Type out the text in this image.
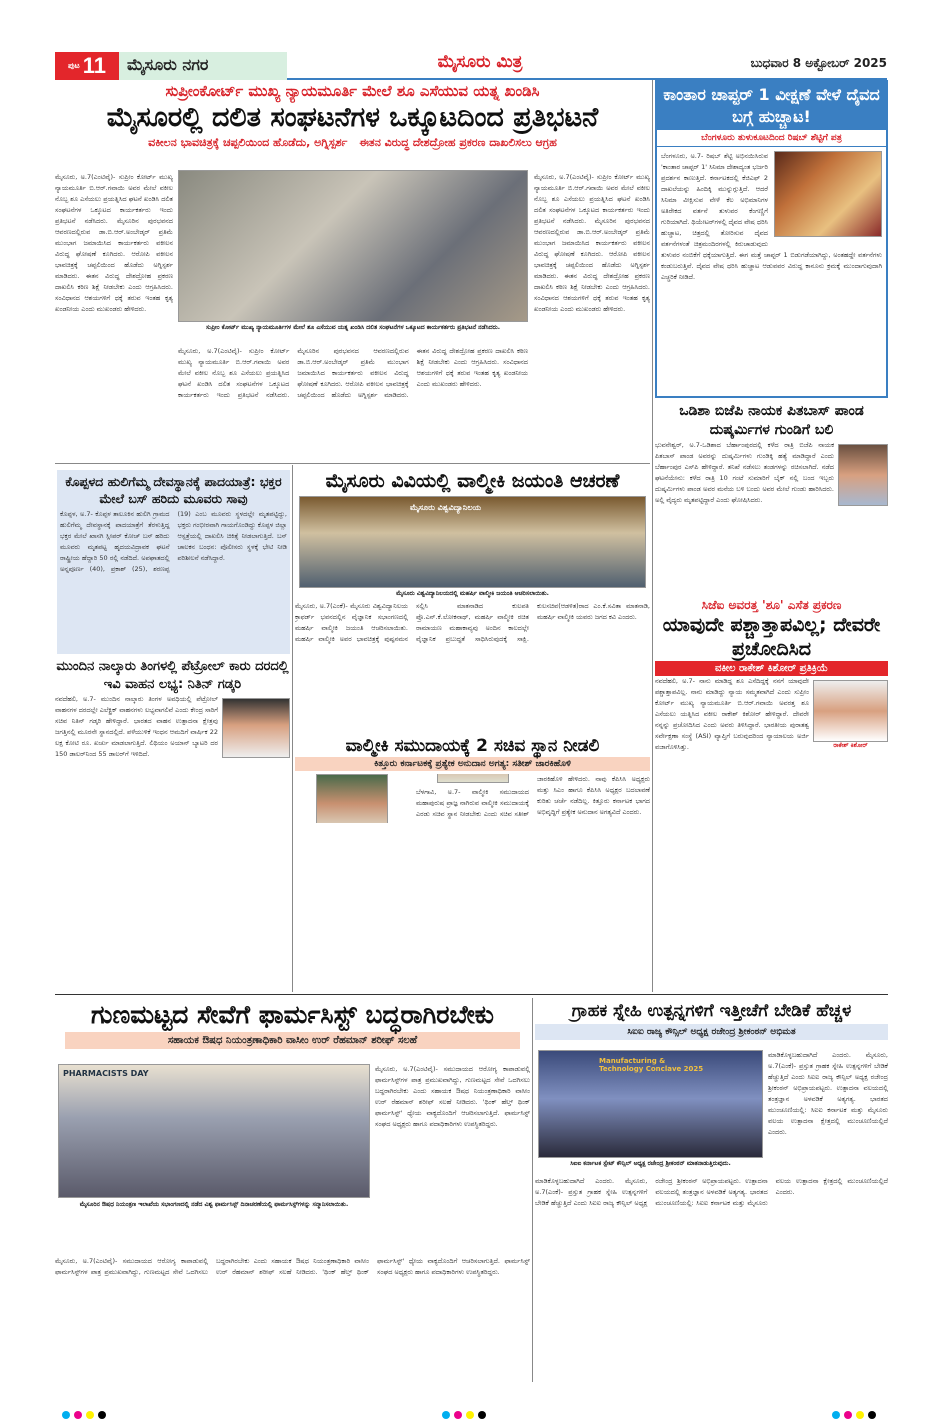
ಪುಟ 11	ಮೈಸೂರು ನಗರ	ಮೈಸೂರು ಮಿತ್ರ	ಬುಧವಾರ 8 ಅಕ್ಟೋಬರ್ 2025
ಸುಪ್ರೀಂಕೋರ್ಟ್ ಮುಖ್ಯ ನ್ಯಾಯಮೂರ್ತಿ ಮೇಲೆ ಶೂ ಎಸೆಯುವ ಯತ್ನ ಖಂಡಿಸಿ
ಮೈಸೂರಲ್ಲಿ ದಲಿತ ಸಂಘಟನೆಗಳ ಒಕ್ಕೂಟದಿಂದ ಪ್ರತಿಭಟನೆ
ವಕೀಲನ ಭಾವಚಿತ್ರಕ್ಕೆ ಚಪ್ಪಲಿಯಿಂದ ಹೊಡೆದು, ಅಗ್ನಿಸ್ಪರ್ಶ ಈತನ ವಿರುದ್ಧ ದೇಶದ್ರೋಹ ಪ್ರಕರಣ ದಾಖಲಿಸಲು ಆಗ್ರಹ
ಮೈಸೂರು, ಅ.7(ಎಂಟಿವೈ)- ಸುಪ್ರೀಂ ಕೋರ್ಟ್ ಮುಖ್ಯ ನ್ಯಾಯಮೂರ್ತಿ ಬಿ.ಆರ್.ಗವಾಯಿ ಅವರ ಮೇಲೆ ವಕೀಲ ನೊಬ್ಬ ಶೂ ಎಸೆಯಲು ಪ್ರಯತ್ನಿಸಿದ ಘಟನೆ ಖಂಡಿಸಿ ದಲಿತ ಸಂಘಟನೆಗಳ ಒಕ್ಕೂಟದ ಕಾರ್ಯಕರ್ತರು ಇಂದು ಪ್ರತಿಭಟನೆ ನಡೆಸಿದರು. ಮೈಸೂರಿನ ಪುರಭವನದ ಆವರಣದಲ್ಲಿರುವ ಡಾ.ಬಿ.ಆರ್.ಅಂಬೇಡ್ಕರ್ ಪ್ರತಿಮೆ ಮುಂಭಾಗ ಜಮಾಯಿಸಿದ ಕಾರ್ಯಕರ್ತರು ವಕೀಲನ ವಿರುದ್ಧ ಘೋಷಣೆ ಕೂಗಿದರು. ಆರೋಪಿ ವಕೀಲನ ಭಾವಚಿತ್ರಕ್ಕೆ ಚಪ್ಪಲಿಯಿಂದ ಹೊಡೆದು ಅಗ್ನಿಸ್ಪರ್ಶ ಮಾಡಿದರು. ಈತನ ವಿರುದ್ಧ ದೇಶದ್ರೋಹ ಪ್ರಕರಣ ದಾಖಲಿಸಿ ಕಠಿಣ ಶಿಕ್ಷೆ ನೀಡಬೇಕು ಎಂದು ಆಗ್ರಹಿಸಿದರು. ಸಂವಿಧಾನದ ಆಶಯಗಳಿಗೆ ಧಕ್ಕೆ ತರುವ ಇಂತಹ ಕೃತ್ಯ ಖಂಡನೀಯ ಎಂದು ಮುಖಂಡರು ಹೇಳಿದರು.
ಸುಪ್ರೀಂ ಕೋರ್ಟ್ ಮುಖ್ಯ ನ್ಯಾಯಮೂರ್ತಿಗಳ ಮೇಲೆ ಶೂ ಎಸೆಯುವ ಯತ್ನ ಖಂಡಿಸಿ ದಲಿತ ಸಂಘಟನೆಗಳ ಒಕ್ಕೂಟದ ಕಾರ್ಯಕರ್ತರು ಪ್ರತಿಭಟನೆ ನಡೆಸಿದರು.
ಮೈಸೂರು, ಅ.7(ಎಂಟಿವೈ)- ಸುಪ್ರೀಂ ಕೋರ್ಟ್ ಮುಖ್ಯ ನ್ಯಾಯಮೂರ್ತಿ ಬಿ.ಆರ್.ಗವಾಯಿ ಅವರ ಮೇಲೆ ವಕೀಲ ನೊಬ್ಬ ಶೂ ಎಸೆಯಲು ಪ್ರಯತ್ನಿಸಿದ ಘಟನೆ ಖಂಡಿಸಿ ದಲಿತ ಸಂಘಟನೆಗಳ ಒಕ್ಕೂಟದ ಕಾರ್ಯಕರ್ತರು ಇಂದು ಪ್ರತಿಭಟನೆ ನಡೆಸಿದರು. ಮೈಸೂರಿನ ಪುರಭವನದ ಆವರಣದಲ್ಲಿರುವ ಡಾ.ಬಿ.ಆರ್.ಅಂಬೇಡ್ಕರ್ ಪ್ರತಿಮೆ ಮುಂಭಾಗ ಜಮಾಯಿಸಿದ ಕಾರ್ಯಕರ್ತರು ವಕೀಲನ ವಿರುದ್ಧ ಘೋಷಣೆ ಕೂಗಿದರು. ಆರೋಪಿ ವಕೀಲನ ಭಾವಚಿತ್ರಕ್ಕೆ ಚಪ್ಪಲಿಯಿಂದ ಹೊಡೆದು ಅಗ್ನಿಸ್ಪರ್ಶ ಮಾಡಿದರು. ಈತನ ವಿರುದ್ಧ ದೇಶದ್ರೋಹ ಪ್ರಕರಣ ದಾಖಲಿಸಿ ಕಠಿಣ ಶಿಕ್ಷೆ ನೀಡಬೇಕು ಎಂದು ಆಗ್ರಹಿಸಿದರು. ಸಂವಿಧಾನದ ಆಶಯಗಳಿಗೆ ಧಕ್ಕೆ ತರುವ ಇಂತಹ ಕೃತ್ಯ ಖಂಡನೀಯ ಎಂದು ಮುಖಂಡರು ಹೇಳಿದರು.
ಮೈಸೂರು, ಅ.7(ಎಂಟಿವೈ)- ಸುಪ್ರೀಂ ಕೋರ್ಟ್ ಮುಖ್ಯ ನ್ಯಾಯಮೂರ್ತಿ ಬಿ.ಆರ್.ಗವಾಯಿ ಅವರ ಮೇಲೆ ವಕೀಲ ನೊಬ್ಬ ಶೂ ಎಸೆಯಲು ಪ್ರಯತ್ನಿಸಿದ ಘಟನೆ ಖಂಡಿಸಿ ದಲಿತ ಸಂಘಟನೆಗಳ ಒಕ್ಕೂಟದ ಕಾರ್ಯಕರ್ತರು ಇಂದು ಪ್ರತಿಭಟನೆ ನಡೆಸಿದರು. ಮೈಸೂರಿನ ಪುರಭವನದ ಆವರಣದಲ್ಲಿರುವ ಡಾ.ಬಿ.ಆರ್.ಅಂಬೇಡ್ಕರ್ ಪ್ರತಿಮೆ ಮುಂಭಾಗ ಜಮಾಯಿಸಿದ ಕಾರ್ಯಕರ್ತರು ವಕೀಲನ ವಿರುದ್ಧ ಘೋಷಣೆ ಕೂಗಿದರು. ಆರೋಪಿ ವಕೀಲನ ಭಾವಚಿತ್ರಕ್ಕೆ ಚಪ್ಪಲಿಯಿಂದ ಹೊಡೆದು ಅಗ್ನಿಸ್ಪರ್ಶ ಮಾಡಿದರು. ಈತನ ವಿರುದ್ಧ ದೇಶದ್ರೋಹ ಪ್ರಕರಣ ದಾಖಲಿಸಿ ಕಠಿಣ ಶಿಕ್ಷೆ ನೀಡಬೇಕು ಎಂದು ಆಗ್ರಹಿಸಿದರು. ಸಂವಿಧಾನದ ಆಶಯಗಳಿಗೆ ಧಕ್ಕೆ ತರುವ ಇಂತಹ ಕೃತ್ಯ ಖಂಡನೀಯ ಎಂದು ಮುಖಂಡರು ಹೇಳಿದರು.
ಕಾಂತಾರ ಚಾಪ್ಟರ್ 1 ವೀಕ್ಷಣೆ ವೇಳೆ ದೈವದ ಬಗ್ಗೆ ಹುಚ್ಚಾಟ!
ಬೆಂಗಳೂರು ತುಳುಕೂಟದಿಂದ ರಿಷಬ್ ಶೆಟ್ಟಿಗೆ ಪತ್ರ
ಬೆಂಗಳೂರು, ಅ.7- ರಿಷಬ್ ಶೆಟ್ಟಿ ಅಭಿನಯಿಸಿರುವ 'ಕಾಂತಾರ ಚಾಪ್ಟರ್ 1' ಸಿನಿಮಾ ದೇಶಾದ್ಯಂತ ಭರ್ಜರಿ ಪ್ರದರ್ಶನ ಕಾಣುತ್ತಿದೆ. ಕರ್ನಾಟಕದಲ್ಲಿ ಕೆಜಿಎಫ್ 2 ದಾಖಲೆಯನ್ನು ಹಿಂದಿಕ್ಕಿ ಮುನ್ನುಗ್ಗುತ್ತಿದೆ. ಆದರೆ ಸಿನಿಮಾ ವೀಕ್ಷಿಸುವ ವೇಳೆ ಕೆಲ ಅಭಿಮಾನಿಗಳ ಅತಿರೇಕದ ವರ್ತನೆ ತುಳುವರ ಕೆಂಗಣ್ಣಿಗೆ ಗುರಿಯಾಗಿದೆ. ಥಿಯೇಟರ್‌ಗಳಲ್ಲಿ ದೈವದ ವೇಷ ಧರಿಸಿ ಹುಚ್ಚಾಟ, ಚಿತ್ರದಲ್ಲಿ ತೋರಿಸುವ ದೈವದ ವರ್ತನೆಗಳಂತೆ ಚಿತ್ರಮಂದಿರಗಳಲ್ಲಿ ಕಿರುಚಾಡುವುದು ತುಳುವರ ನಂಬಿಕೆಗೆ ಧಕ್ಕೆಯಾಗುತ್ತಿದೆ. ಈಗ ಮತ್ತೆ ಚಾಪ್ಟರ್ 1 ಬಿಡುಗಡೆಯಾಗಿದ್ದು, ಅಂತಹದ್ದೇ ವರ್ತನೆಗಳು ಕಂಡುಬರುತ್ತಿವೆ. ದೈವದ ವೇಷ ಧರಿಸಿ ಹುಚ್ಚಾಟ ಆಡುವವರ ವಿರುದ್ಧ ಕಾನೂನು ಕ್ರಮಕ್ಕೆ ಮುಂದಾಗುವುದಾಗಿ ಎಚ್ಚರಿಕೆ ನೀಡಿದೆ.
ಒಡಿಶಾ ಬಿಜೆಪಿ ನಾಯಕ ಪಿತಬಾಸ್ ಪಾಂಡ ದುಷ್ಕರ್ಮಿಗಳ ಗುಂಡಿಗೆ ಬಲಿ
ಭುವನೇಶ್ವರ್, ಅ.7-ಒಡಿಶಾದ ಬೆರ್ಹಾಂಪುರದಲ್ಲಿ ಕಳೆದ ರಾತ್ರಿ ಬಿಜೆಪಿ ನಾಯಕ ಪಿತಬಾಸ್ ಪಾಂಡ ಅವರನ್ನು ದುಷ್ಕರ್ಮಿಗಳು ಗುಂಡಿಕ್ಕಿ ಹತ್ಯೆ ಮಾಡಿದ್ದಾರೆ ಎಂದು ಬೆರ್ಹಾಂಪುರ ಎಸ್‌ಪಿ ಹೇಳಿದ್ದಾರೆ. ತನಿಖೆ ನಡೆಸಲು ತಂಡಗಳನ್ನು ರಚಿಸಲಾಗಿದೆ. ನಡೆದ ಘಟನೆಯೇನು: ಕಳೆದ ರಾತ್ರಿ 10 ಗಂಟೆ ಸುಮಾರಿಗೆ ಬೈಕ್ ನಲ್ಲಿ ಬಂದ ಇಬ್ಬರು ದುಷ್ಕರ್ಮಿಗಳು ಪಾಂಡ ಅವರ ಮನೆಯ ಬಳಿ ಬಂದು ಅವರ ಮೇಲೆ ಗುಂಡು ಹಾರಿಸಿದರು. ಅಲ್ಲಿ ವೈದ್ಯರು ಮೃತಪಟ್ಟಿದ್ದಾರೆ ಎಂದು ಘೋಷಿಸಿದರು.
ಕೊಪ್ಪಳದ ಹುಲಿಗೆಮ್ಮ ದೇವಸ್ಥಾನಕ್ಕೆ ಪಾದಯಾತ್ರೆ: ಭಕ್ತರ ಮೇಲೆ ಬಸ್ ಹರಿದು ಮೂವರು ಸಾವು
ಕೊಪ್ಪಳ, ಅ.7- ಕೊಪ್ಪಳ ತಾಲೂಕಿನ ಹುಲಿಗಿ ಗ್ರಾಮದ ಹುಲಿಗೆಮ್ಮ ದೇವಸ್ಥಾನಕ್ಕೆ ಪಾದಯಾತ್ರೆಗೆ ತೆರಳುತ್ತಿದ್ದ ಭಕ್ತರ ಮೇಲೆ ಖಾಸಗಿ ಸ್ಲೀಪರ್ ಕೋಚ್ ಬಸ್ ಹರಿದು ಮೂವರು ಮೃತಪಟ್ಟ ಹೃದಯವಿದ್ರಾವಕ ಘಟನೆ ರಾಷ್ಟ್ರೀಯ ಹೆದ್ದಾರಿ 50 ರಲ್ಲಿ ನಡೆದಿದೆ. ಅಪಘಾತದಲ್ಲಿ ಅನ್ನಪೂರ್ಣ (40), ಪ್ರಕಾಶ್ (25), ಶರಣಪ್ಪ (19) ಎಂಬ ಮೂವರು ಸ್ಥಳದಲ್ಲೇ ಮೃತಪಟ್ಟಿದ್ದು, ಭಕ್ತರು ಗಂಭೀರವಾಗಿ ಗಾಯಗೊಂಡಿದ್ದು ಕೊಪ್ಪಳ ಜಿಲ್ಲಾ ಆಸ್ಪತ್ರೆಯಲ್ಲಿ ದಾಖಲಿಸಿ ಚಿಕಿತ್ಸೆ ನೀಡಲಾಗುತ್ತಿದೆ. ಬಸ್ ಚಾಲಕನ ಬಂಧನ: ಪೊಲೀಸರು ಸ್ಥಳಕ್ಕೆ ಭೇಟಿ ನೀಡಿ ಪರಿಶೀಲನೆ ನಡೆಸಿದ್ದಾರೆ.
ಮೈಸೂರು ವಿವಿಯಲ್ಲಿ ವಾಲ್ಮೀಕಿ ಜಯಂತಿ ಆಚರಣೆ
ಮೈಸೂರು ವಿಶ್ವವಿದ್ಯಾನಿಲಯ
ಮೈಸೂರು ವಿಶ್ವವಿದ್ಯಾನಿಲಯದಲ್ಲಿ ಮಹರ್ಷಿ ವಾಲ್ಮೀಕಿ ಜಯಂತಿ ಆಚರಿಸಲಾಯಿತು.
ಮೈಸೂರು, ಅ.7(ಎಂಕೆ)- ಮೈಸೂರು ವಿಶ್ವವಿದ್ಯಾನಿಲಯ ಕ್ರಾಫರ್ಡ್ ಭವನದಲ್ಲಿನ ವೈಜ್ಞಾನಿಕ ಸಭಾಂಗಣದಲ್ಲಿ ಮಹರ್ಷಿ ವಾಲ್ಮೀಕಿ ಜಯಂತಿ ಆಚರಿಸಲಾಯಿತು. ಮಹರ್ಷಿ ವಾಲ್ಮೀಕಿ ಅವರ ಭಾವಚಿತ್ರಕ್ಕೆ ಪುಷ್ಪನಮನ ಸಲ್ಲಿಸಿ ಮಾತನಾಡಿದ ಕುಲಪತಿ ಪ್ರೊ.ಎನ್.ಕೆ.ಲೋಕನಾಥ್, ಮಹರ್ಷಿ ವಾಲ್ಮೀಕಿ ರಚಿತ ರಾಮಾಯಣ ಮಹಾಕಾವ್ಯವು ಅಂದಿನ ಕಾಲದಲ್ಲೇ ವೈಜ್ಞಾನಿಕ ಪ್ರಬುದ್ಧತೆ ಸಾಧಿಸಿರುವುದಕ್ಕೆ ಸಾಕ್ಷಿ. ಕುಲಸಚಿವ(ಆಡಳಿತ)ರಾದ ಎಂ.ಕೆ.ಸವಿತಾ ಮಾತನಾಡಿ, ಮಹರ್ಷಿ ವಾಲ್ಮೀಕಿ ಯವರು ಜಗದ ಕವಿ ಎಂದರು.
ಮುಂದಿನ ನಾಲ್ಕಾರು ತಿಂಗಳಲ್ಲಿ ಪೆಟ್ರೋಲ್ ಕಾರು ದರದಲ್ಲಿ ಇವಿ ವಾಹನ ಲಭ್ಯ: ನಿತಿನ್ ಗಡ್ಕರಿ
ನವದೆಹಲಿ, ಅ.7- ಮುಂದಿನ ನಾಲ್ಕಾರು ತಿಂಗಳ ಅವಧಿಯಲ್ಲಿ ಪೆಟ್ರೋಲ್ ವಾಹನಗಳ ದರದಲ್ಲೇ ಎಲೆಕ್ಟ್ರಿಕ್ ವಾಹನಗಳು ಲಭ್ಯವಾಗಲಿವೆ ಎಂದು ಕೇಂದ್ರ ಸಾರಿಗೆ ಸಚಿವ ನಿತಿನ್ ಗಡ್ಕರಿ ಹೇಳಿದ್ದಾರೆ. ಭಾರತದ ವಾಹನ ಉತ್ಪಾದನಾ ಕ್ಷೇತ್ರವು ಜಗತ್ತಿನಲ್ಲಿ ಮೂರನೇ ಸ್ಥಾನದಲ್ಲಿದೆ. ಪಳೆಯುಳಿಕೆ ಇಂಧನ ಆಮದಿಗೆ ವಾರ್ಷಿಕ 22 ಲಕ್ಷ ಕೋಟಿ ರೂ. ಖರ್ಚು ಮಾಡಲಾಗುತ್ತಿದೆ. ಲಿಥಿಯಂ ಅಯಾನ್ ಬ್ಯಾಟರಿ ದರ 150 ಡಾಲರ್‌ನಿಂದ 55 ಡಾಲರ್‌ಗೆ ಇಳಿದಿದೆ.
ಸಿಜೆಐ ಅವರತ್ತ 'ಶೂ' ಎಸೆತ ಪ್ರಕರಣ
ಯಾವುದೇ ಪಶ್ಚಾತ್ತಾಪವಿಲ್ಲ; ದೇವರೇ ಪ್ರಚೋದಿಸಿದ
ವಕೀಲ ರಾಕೇಶ್ ಕಿಶೋರ್ ಪ್ರತಿಕ್ರಿಯೆ
ರಾಕೇಶ್ ಕಿಶೋರ್
ನವದೆಹಲಿ, ಅ.7- ನಾನು ಮಾಡಿದ್ದ ಶೂ ಎಸೆದಿದ್ದಕ್ಕೆ ನನಗೆ ಯಾವುದೇ ಪಶ್ಚಾತ್ತಾಪವಿಲ್ಲ. ನಾನು ಮಾಡಿದ್ದು ನ್ಯಾಯ ಸಮ್ಮತವಾಗಿದೆ ಎಂದು ಸುಪ್ರೀಂ ಕೋರ್ಟ್ ಮುಖ್ಯ ನ್ಯಾಯಮೂರ್ತಿ ಬಿ.ಆರ್.ಗವಾಯಿ ಅವರತ್ತ ಶೂ ಎಸೆಯಲು ಯತ್ನಿಸಿದ ವಕೀಲ ರಾಕೇಶ್ ಕಿಶೋರ್ ಹೇಳಿದ್ದಾರೆ. ದೇವರೇ ನನ್ನನ್ನು ಪ್ರಚೋದಿಸಿದ ಎಂದು ಅವರು ತಿಳಿಸಿದ್ದಾರೆ. ಭಾರತೀಯ ಪುರಾತತ್ವ ಸರ್ವೇಕ್ಷಣಾ ಸಂಸ್ಥೆ (ASI) ವ್ಯಾಪ್ತಿಗೆ ಬರುವುದರಿಂದ ನ್ಯಾಯಾಲಯ ಅರ್ಜಿ ವಜಾಗೊಳಿಸಿತ್ತು.
ವಾಲ್ಮೀಕಿ ಸಮುದಾಯಕ್ಕೆ 2 ಸಚಿವ ಸ್ಥಾನ ನೀಡಲಿ
ಕಿತ್ತೂರು ಕರ್ನಾಟಕಕ್ಕೆ ಪ್ರತ್ಯೇಕ ಅನುದಾನ ಅಗತ್ಯ: ಸತೀಶ್ ಜಾರಕಿಹೊಳಿ
ಬೆಳಗಾವಿ, ಅ.7- ವಾಲ್ಮೀಕಿ ಸಮುದಾಯದ ಮಹಾಪುರುಷ ಪ್ರಾಜ್ಞ ನಾಗಿರುವ ವಾಲ್ಮೀಕಿ ಸಮುದಾಯಕ್ಕೆ ಎರಡು ಸಚಿವ ಸ್ಥಾನ ನೀಡಬೇಕು ಎಂದು ಸಚಿವ ಸತೀಶ್ ಜಾರಕಿಹೊಳಿ ಹೇಳಿದರು. ನಾವು ಕೆಪಿಸಿಸಿ ಅಧ್ಯಕ್ಷರು ಮತ್ತು ಸಿಎಂ ಹಾಗೂ ಕೆಪಿಸಿಸಿ ಅಧ್ಯಕ್ಷರ ಬದಲಾವಣೆ ಕುರಿತು ಚರ್ಚೆ ನಡೆದಿಲ್ಲ. ಕಿತ್ತೂರು ಕರ್ನಾಟಕ ಭಾಗದ ಅಭಿವೃದ್ಧಿಗೆ ಪ್ರತ್ಯೇಕ ಅನುದಾನ ಅಗತ್ಯವಿದೆ ಎಂದರು.
ಗುಣಮಟ್ಟದ ಸೇವೆಗೆ ಫಾರ್ಮಸಿಸ್ಟ್ ಬದ್ಧರಾಗಿರಬೇಕು
ಸಹಾಯಕ ಔಷಧ ನಿಯಂತ್ರಣಾಧಿಕಾರಿ ವಾಸೀಂ ಉರ್ ರೆಹಮಾನ್ ಶರೀಫ್ ಸಲಹೆ
PHARMACISTS DAY	ಮೈಸೂರು, ಅ.7(ಎಂಟಿವೈ)- ಸಮುದಾಯದ ಆರೋಗ್ಯ ಕಾಪಾಡುವಲ್ಲಿ ಫಾರ್ಮಸಿಸ್ಟ್‌ಗಳ ಪಾತ್ರ ಪ್ರಮುಖವಾಗಿದ್ದು, ಗುಣಮಟ್ಟದ ಸೇವೆ ಒದಗಿಸಲು ಬದ್ಧರಾಗಿರಬೇಕು ಎಂದು ಸಹಾಯಕ ಔಷಧ ನಿಯಂತ್ರಣಾಧಿಕಾರಿ ವಾಸೀಂ ಉರ್ ರೆಹಮಾನ್ ಶರೀಫ್ ಸಲಹೆ ನೀಡಿದರು. 'ಥಿಂಕ್ ಹೆಲ್ತ್ ಥಿಂಕ್ ಫಾರ್ಮಸಿಸ್ಟ್' ಧ್ಯೇಯ ವಾಕ್ಯದೊಂದಿಗೆ ಆಚರಿಸಲಾಗುತ್ತಿದೆ. ಫಾರ್ಮಸಿಸ್ಟ್ ಸಂಘದ ಅಧ್ಯಕ್ಷರು ಹಾಗೂ ಪದಾಧಿಕಾರಿಗಳು ಉಪಸ್ಥಿತರಿದ್ದರು.
ಮೈಸೂರಿನ ಔಷಧ ನಿಯಂತ್ರಣ ಇಲಾಖೆಯ ಸಭಾಂಗಣದಲ್ಲಿ ನಡೆದ ವಿಶ್ವ ಫಾರ್ಮಸಿಸ್ಟ್ ದಿನಾಚರಣೆಯಲ್ಲಿ ಫಾರ್ಮಸಿಸ್ಟ್‌ಗಳನ್ನು ಸನ್ಮಾನಿಸಲಾಯಿತು.
ಮೈಸೂರು, ಅ.7(ಎಂಟಿವೈ)- ಸಮುದಾಯದ ಆರೋಗ್ಯ ಕಾಪಾಡುವಲ್ಲಿ ಫಾರ್ಮಸಿಸ್ಟ್‌ಗಳ ಪಾತ್ರ ಪ್ರಮುಖವಾಗಿದ್ದು, ಗುಣಮಟ್ಟದ ಸೇವೆ ಒದಗಿಸಲು ಬದ್ಧರಾಗಿರಬೇಕು ಎಂದು ಸಹಾಯಕ ಔಷಧ ನಿಯಂತ್ರಣಾಧಿಕಾರಿ ವಾಸೀಂ ಉರ್ ರೆಹಮಾನ್ ಶರೀಫ್ ಸಲಹೆ ನೀಡಿದರು. 'ಥಿಂಕ್ ಹೆಲ್ತ್ ಥಿಂಕ್ ಫಾರ್ಮಸಿಸ್ಟ್' ಧ್ಯೇಯ ವಾಕ್ಯದೊಂದಿಗೆ ಆಚರಿಸಲಾಗುತ್ತಿದೆ. ಫಾರ್ಮಸಿಸ್ಟ್ ಸಂಘದ ಅಧ್ಯಕ್ಷರು ಹಾಗೂ ಪದಾಧಿಕಾರಿಗಳು ಉಪಸ್ಥಿತರಿದ್ದರು.
ಗ್ರಾಹಕ ಸ್ನೇಹಿ ಉತ್ಪನ್ನಗಳಿಗೆ ಇತ್ತೀಚೆಗೆ ಬೇಡಿಕೆ ಹೆಚ್ಚಳ
ಸಿಐಐ ರಾಜ್ಯ ಕೌನ್ಸಿಲ್ ಅಧ್ಯಕ್ಷ ರಜೇಂದ್ರ ಶ್ರೀಕಂಠನ್ ಅಭಿಮತ
Manufacturing & Technology Conclave 2025
ಸಿಐಐ ಕರ್ನಾಟಕ ಸ್ಟೇಟ್ ಕೌನ್ಸಿಲ್ ಅಧ್ಯಕ್ಷ ರಜೇಂದ್ರ ಶ್ರೀಕಂಠನ್ ಮಾತನಾಡುತ್ತಿರುವುದು.
ಮಾಡಿಕೊಳ್ಳಬಹುದಾಗಿದೆ ಎಂದರು. ಮೈಸೂರು, ಅ.7(ಎಂಕೆ)- ಪ್ರಸ್ತುತ ಗ್ರಾಹಕ ಸ್ನೇಹಿ ಉತ್ಪನ್ನಗಳಿಗೆ ಬೇಡಿಕೆ ಹೆಚ್ಚುತ್ತಿದೆ ಎಂದು ಸಿಐಐ ರಾಜ್ಯ ಕೌನ್ಸಿಲ್ ಅಧ್ಯಕ್ಷ ರಜೇಂದ್ರ ಶ್ರೀಕಂಠನ್ ಅಭಿಪ್ರಾಯಪಟ್ಟರು. ಉತ್ಪಾದನಾ ವಲಯದಲ್ಲಿ ತಂತ್ರಜ್ಞಾನ ಅಳವಡಿಕೆ ಅತ್ಯಗತ್ಯ. ಭಾರತದ ಮುಂಚೂಣಿಯಲ್ಲಿ: ಸಿಐಐ ಕರ್ನಾಟಕ ಮತ್ತು ಮೈಸೂರು ವಲಯ ಉತ್ಪಾದನಾ ಕ್ಷೇತ್ರದಲ್ಲಿ ಮುಂಚೂಣಿಯಲ್ಲಿದೆ ಎಂದರು.
ಮಾಡಿಕೊಳ್ಳಬಹುದಾಗಿದೆ ಎಂದರು. ಮೈಸೂರು, ಅ.7(ಎಂಕೆ)- ಪ್ರಸ್ತುತ ಗ್ರಾಹಕ ಸ್ನೇಹಿ ಉತ್ಪನ್ನಗಳಿಗೆ ಬೇಡಿಕೆ ಹೆಚ್ಚುತ್ತಿದೆ ಎಂದು ಸಿಐಐ ರಾಜ್ಯ ಕೌನ್ಸಿಲ್ ಅಧ್ಯಕ್ಷ ರಜೇಂದ್ರ ಶ್ರೀಕಂಠನ್ ಅಭಿಪ್ರಾಯಪಟ್ಟರು. ಉತ್ಪಾದನಾ ವಲಯದಲ್ಲಿ ತಂತ್ರಜ್ಞಾನ ಅಳವಡಿಕೆ ಅತ್ಯಗತ್ಯ. ಭಾರತದ ಮುಂಚೂಣಿಯಲ್ಲಿ: ಸಿಐಐ ಕರ್ನಾಟಕ ಮತ್ತು ಮೈಸೂರು ವಲಯ ಉತ್ಪಾದನಾ ಕ್ಷೇತ್ರದಲ್ಲಿ ಮುಂಚೂಣಿಯಲ್ಲಿದೆ ಎಂದರು.
